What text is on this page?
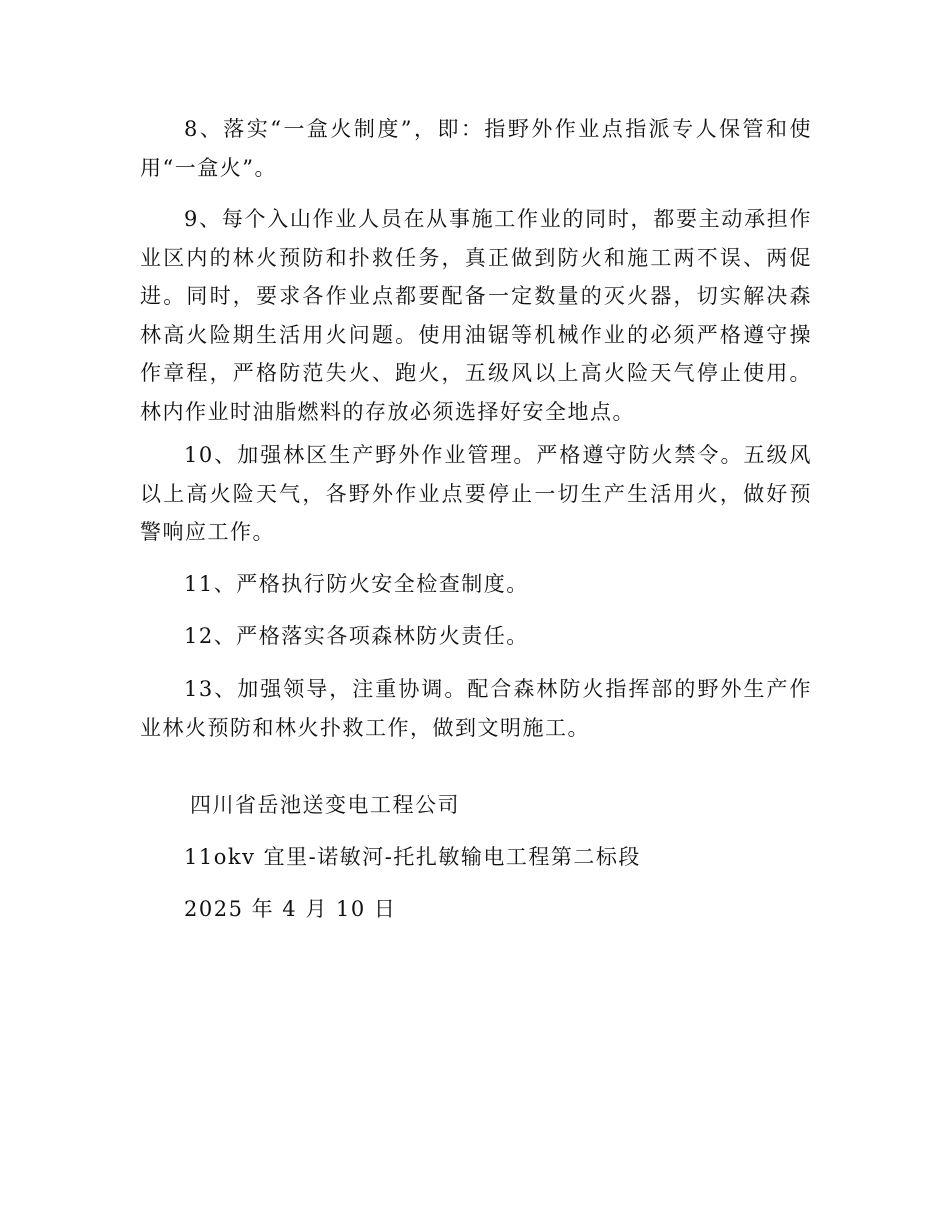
8、落实“一盒火制度”，即：指野外作业点指派专人保管和使用“一盒火”。

9、每个入山作业人员在从事施工作业的同时，都要主动承担作业区内的林火预防和扑救任务，真正做到防火和施工两不误、两促进。同时，要求各作业点都要配备一定数量的灭火器，切实解决森林高火险期生活用火问题。使用油锯等机械作业的必须严格遵守操作章程，严格防范失火、跑火，五级风以上高火险天气停止使用。林内作业时油脂燃料的存放必须选择好安全地点。

10、加强林区生产野外作业管理。严格遵守防火禁令。五级风以上高火险天气，各野外作业点要停止一切生产生活用火，做好预警响应工作。

11、严格执行防火安全检查制度。

12、严格落实各项森林防火责任。

13、加强领导，注重协调。配合森林防火指挥部的野外生产作业林火预防和林火扑救工作，做到文明施工。

四川省岳池送变电工程公司

11okv 宜里-诺敏河-托扎敏输电工程第二标段

2025 年 4 月 10 日
